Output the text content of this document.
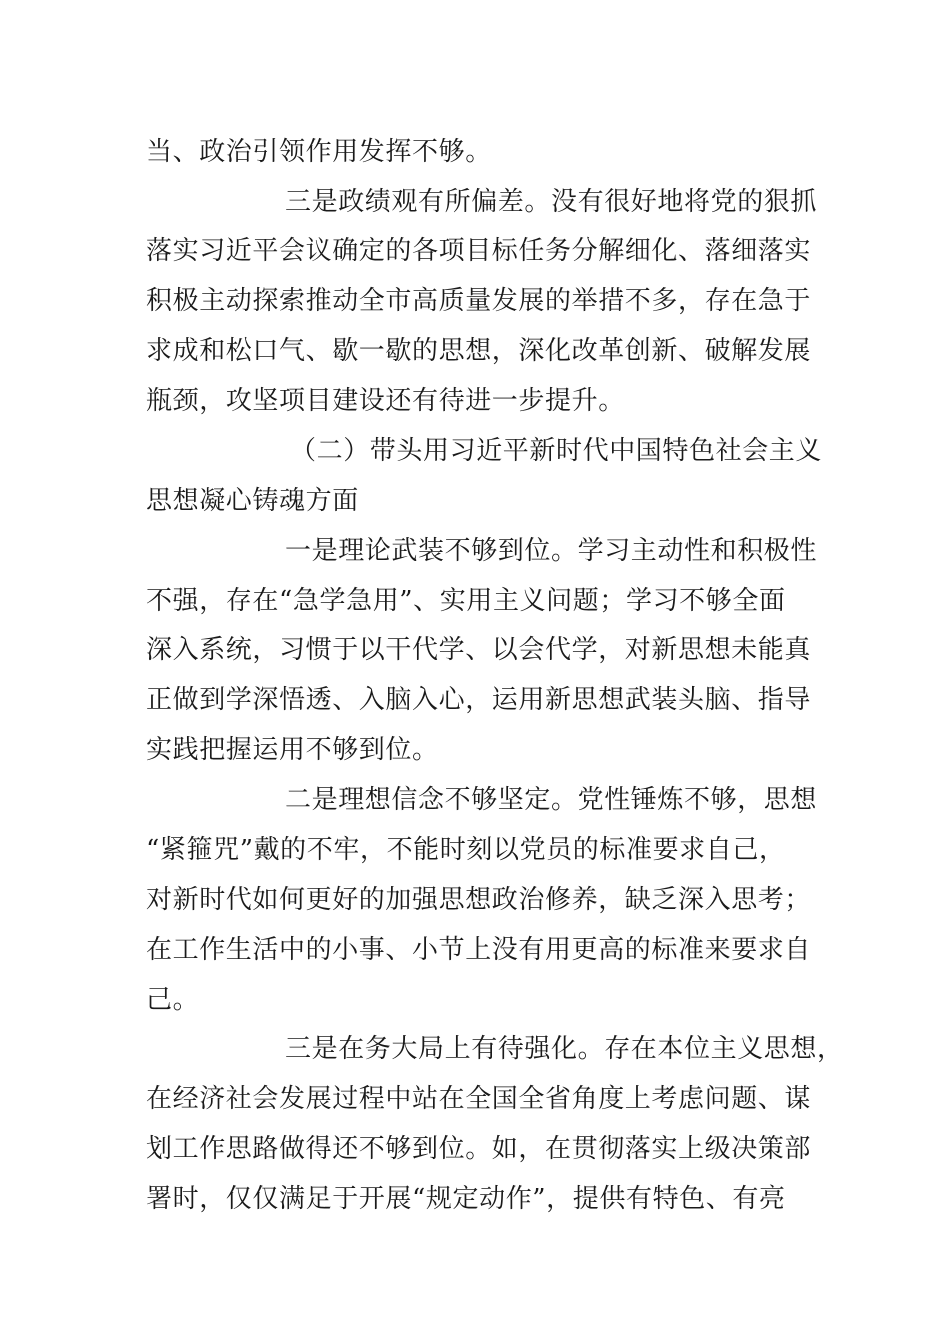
当、政治引领作用发挥不够。
三是政绩观有所偏差。没有很好地将党的狠抓
落实习近平会议确定的各项目标任务分解细化、落细落实
积极主动探索推动全市高质量发展的举措不多，存在急于
求成和松口气、歇一歇的思想，深化改革创新、破解发展
瓶颈，攻坚项目建设还有待进一步提升。
（二）带头用习近平新时代中国特色社会主义
思想凝心铸魂方面
一是理论武装不够到位。学习主动性和积极性
不强，存在“急学急用”、实用主义问题；学习不够全面
深入系统，习惯于以干代学、以会代学，对新思想未能真
正做到学深悟透、入脑入心，运用新思想武装头脑、指导
实践把握运用不够到位。
二是理想信念不够坚定。党性锤炼不够，思想
“紧箍咒”戴的不牢，不能时刻以党员的标准要求自己，
对新时代如何更好的加强思想政治修养，缺乏深入思考；
在工作生活中的小事、小节上没有用更高的标准来要求自
己。
三是在务大局上有待强化。存在本位主义思想，
在经济社会发展过程中站在全国全省角度上考虑问题、谋
划工作思路做得还不够到位。如，在贯彻落实上级决策部
署时，仅仅满足于开展“规定动作”，提供有特色、有亮
